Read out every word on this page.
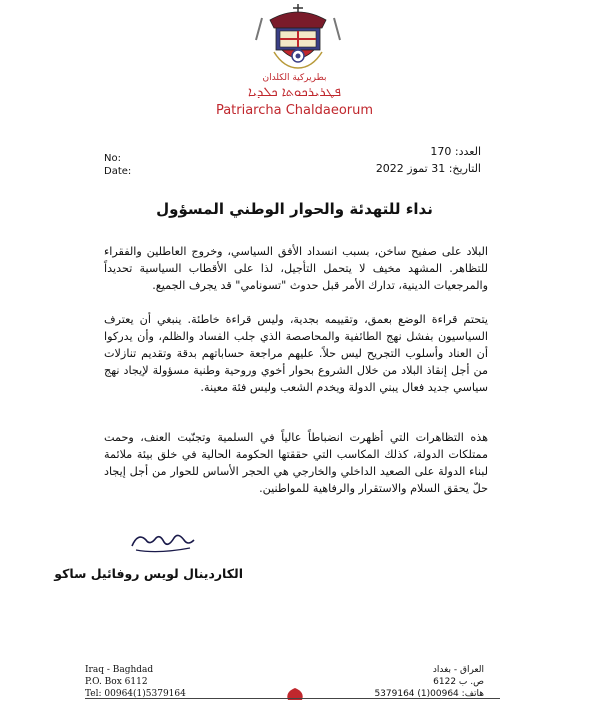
بطريركية الكلدان
ܦܛܪܝܪܟܘܬܐ ܟܠܕܝܐ
Patriarcha Chaldaeorum
No:
Date:
العدد: 170
التاريخ: 31 تموز 2022
نداء للتهدئة والحوار الوطني المسؤول
البلاد على صفيح ساخن، بسبب انسداد الأفق السياسي، وخروج العاطلين والفقراء للتظاهر. المشهد مخيف لا يتحمل التأجيل، لذا على الأقطاب السياسية تحديداً والمرجعيات الدينية، تدارك الأمر قبل حدوث "تسونامي" قد يجرف الجميع.
يتحتم قراءة الوضع بعمق، وتقييمه بجدية، وليس قراءة خاطئة. ينبغي أن يعترف السياسيون بفشل نهج الطائفية والمحاصصة الذي جلب الفساد والظلم، وأن يدركوا أن العناد وأسلوب التجريح ليس حلاً. عليهم مراجعة حساباتهم بدقة وتقديم تنازلات من أجل إنقاذ البلاد من خلال الشروع بحوار أخوي وروحية وطنية مسؤولة لإيجاد نهج سياسي جديد فعال يبني الدولة ويخدم الشعب وليس فئة معينة.
هذه التظاهرات التي أظهرت انضباطاً عالياً في السلمية وتجنّبت العنف، وحمت ممتلكات الدولة، كذلك المكاسب التي حققتها الحكومة الحالية في خلق بيئة ملائمة لبناء الدولة على الصعيد الداخلي والخارجي هي الحجر الأساس للحوار من أجل إيجاد حلّ يحقق السلام والاستقرار والرفاهية للمواطنين.
الكاردينال لويس روفائيل ساكو
Iraq - Baghdad
P.O. Box 6112
Tel: 00964(1)5379164
العراق - بغداد
ص. ب 6122
هاتف: 00964(1) 5379164
